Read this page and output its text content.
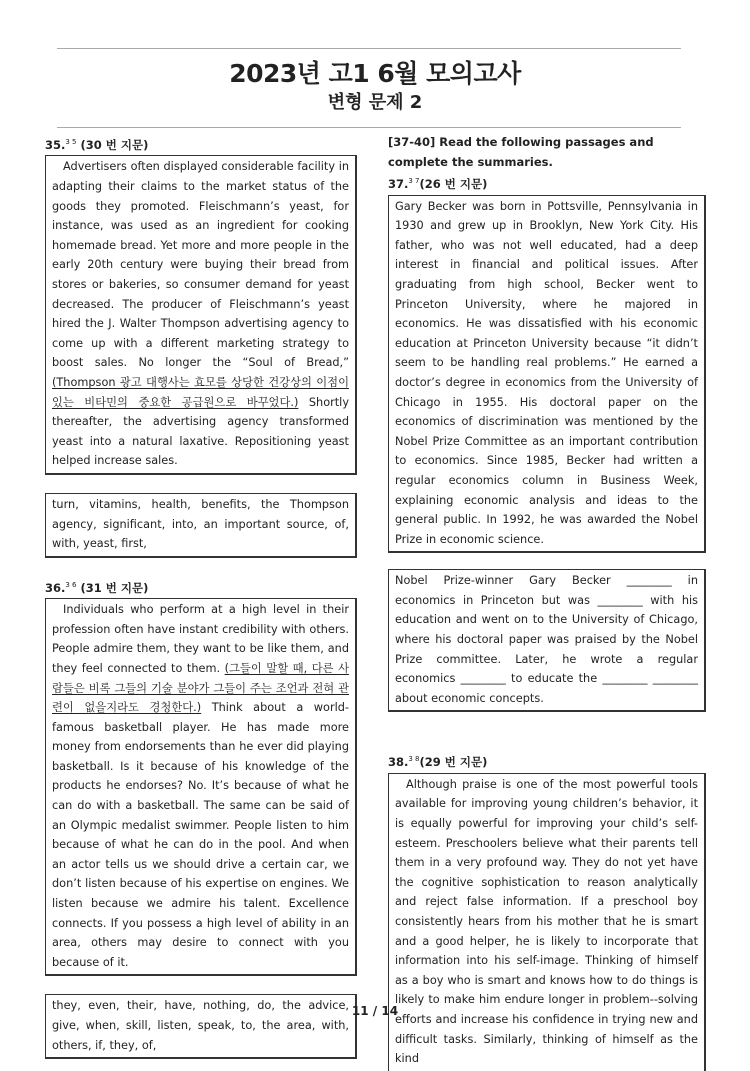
2023년 고1 6월 모의고사
변형 문제 2
35.$^{3 5}$ (30 번 지문)
Advertisers often displayed considerable facility in adapting their claims to the market status of the goods they promoted. Fleischmann’s yeast, for instance, was used as an ingredient for cooking homemade bread. Yet more and more people in the early 20th century were buying their bread from stores or bakeries, so consumer demand for yeast decreased. The producer of Fleischmann’s yeast hired the J. Walter Thompson advertising agency to come up with a different marketing strategy to boost sales. No longer the “Soul of Bread,” (Thompson 광고 대행사는 효모를 상당한 건강상의 이점이 있는 비타민의 중요한 공급원으로 바꾸었다.) Shortly thereafter, the advertising agency transformed yeast into a natural laxative. Repositioning yeast helped increase sales.
turn, vitamins, health, benefits, the Thompson agency, significant, into, an important source, of, with, yeast, first,
36.$^{3 6}$ (31 번 지문)
Individuals who perform at a high level in their profession often have instant credibility with others. People admire them, they want to be like them, and they feel connected to them. (그들이 말할 때, 다른 사람들은 비록 그들의 기술 분야가 그들이 주는 조언과 전혀 관련이 없을지라도 경청한다.) Think about a world-famous basketball player. He has made more money from endorsements than he ever did playing basketball. Is it because of his knowledge of the products he endorses? No. It’s because of what he can do with a basketball. The same can be said of an Olympic medalist swimmer. People listen to him because of what he can do in the pool. And when an actor tells us we should drive a certain car, we don’t listen because of his expertise on engines. We listen because we admire his talent. Excellence connects. If you possess a high level of ability in an area, others may desire to connect with you because of it.
they, even, their, have, nothing, do, the advice, give, when, skill, listen, speak, to, the area, with, others, if, they, of,
[37-40] Read the following passages and complete the summaries.
37.$^{3 7}$(26 번 지문)
Gary Becker was born in Pottsville, Pennsylvania in 1930 and grew up in Brooklyn, New York City. His father, who was not well educated, had a deep interest in financial and political issues. After graduating from high school, Becker went to Princeton University, where he majored in economics. He was dissatisfied with his economic education at Princeton University because “it didn’t seem to be handling real problems.” He earned a doctor’s degree in economics from the University of Chicago in 1955. His doctoral paper on the economics of discrimination was mentioned by the Nobel Prize Committee as an important contribution to economics. Since 1985, Becker had written a regular economics column in Business Week, explaining economic analysis and ideas to the general public. In 1992, he was awarded the Nobel Prize in economic science.
Nobel Prize-winner Gary Becker ________ in economics in Princeton but was ________ with his education and went on to the University of Chicago, where his doctoral paper was praised by the Nobel Prize committee. Later, he wrote a regular economics ________ to educate the ________ ________ about economic concepts.
38.$^{3 8}$(29 번 지문)
Although praise is one of the most powerful tools available for improving young children’s behavior, it is equally powerful for improving your child’s self-esteem. Preschoolers believe what their parents tell them in a very profound way. They do not yet have the cognitive sophistication to reason analytically and reject false information. If a preschool boy consistently hears from his mother that he is smart and a good helper, he is likely to incorporate that information into his self-image. Thinking of himself as a boy who is smart and knows how to do things is likely to make him endure longer in problem--solving efforts and increase his confidence in trying new and difficult tasks. Similarly, thinking of himself as the kind
11 / 14
